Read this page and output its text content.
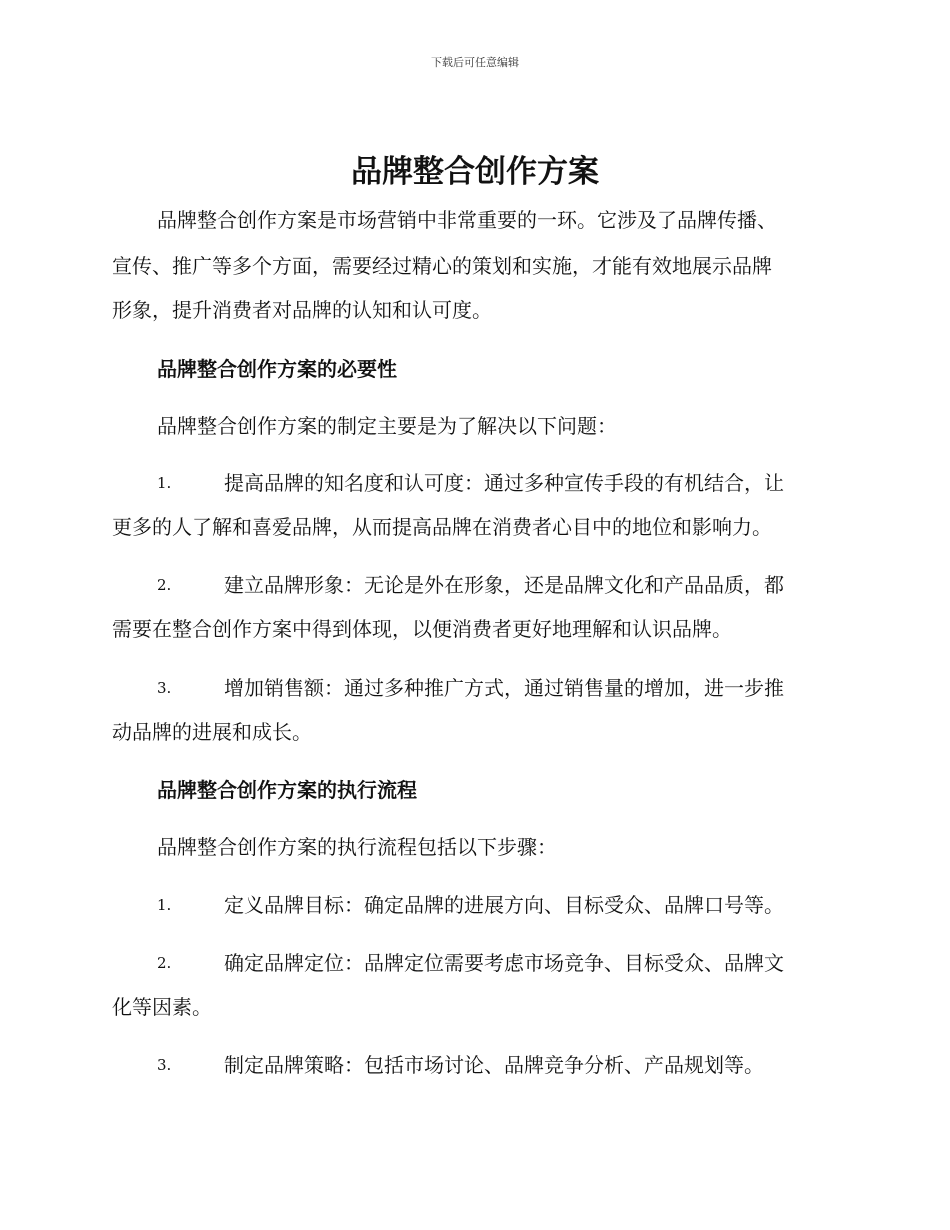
下载后可任意编辑
品牌整合创作方案

品牌整合创作方案是市场营销中非常重要的一环。它涉及了品牌传播、

宣传、推广等多个方面，需要经过精心的策划和实施，才能有效地展示品牌

形象，提升消费者对品牌的认知和认可度。

品牌整合创作方案的必要性

品牌整合创作方案的制定主要是为了解决以下问题：

1.	提高品牌的知名度和认可度：通过多种宣传手段的有机结合，让

更多的人了解和喜爱品牌，从而提高品牌在消费者心目中的地位和影响力。

2.	建立品牌形象：无论是外在形象，还是品牌文化和产品品质，都

需要在整合创作方案中得到体现，以便消费者更好地理解和认识品牌。

3.	增加销售额：通过多种推广方式，通过销售量的增加，进一步推

动品牌的进展和成长。

品牌整合创作方案的执行流程

品牌整合创作方案的执行流程包括以下步骤：

1.	定义品牌目标：确定品牌的进展方向、目标受众、品牌口号等。

2.	确定品牌定位：品牌定位需要考虑市场竞争、目标受众、品牌文

化等因素。

3.	制定品牌策略：包括市场讨论、品牌竞争分析、产品规划等。
